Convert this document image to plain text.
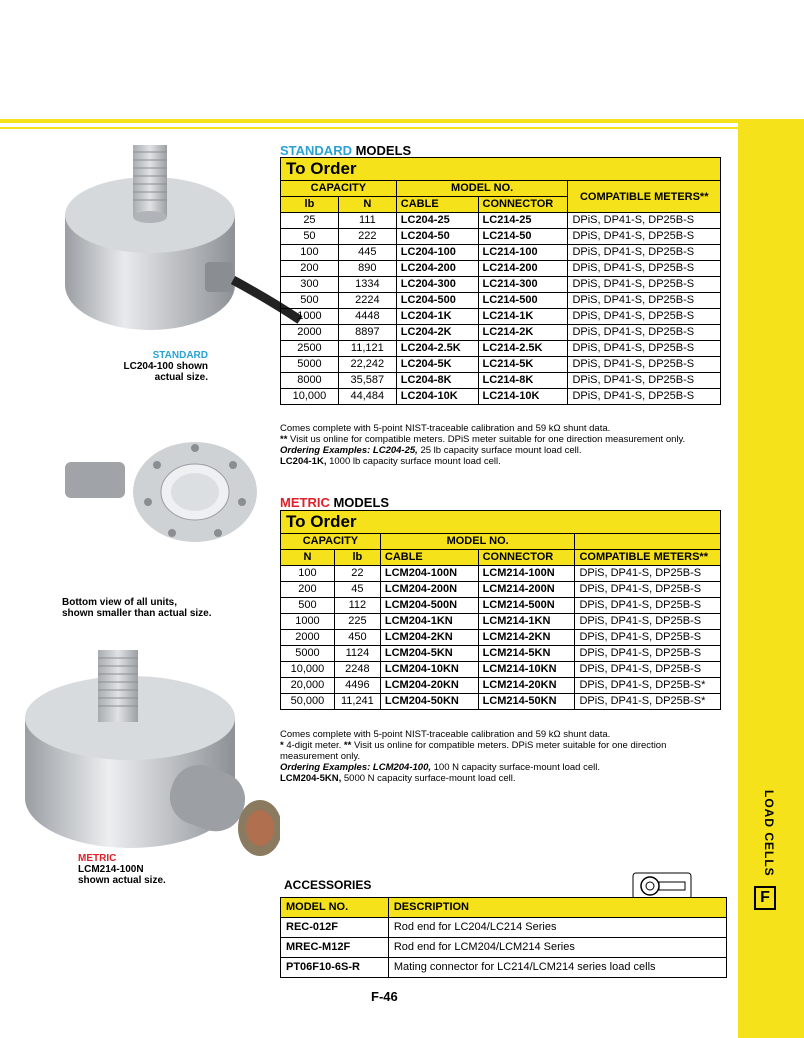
LOAD CELLS
F
STANDARD
LC204-100 shown
actual size.
Bottom view of all units,
shown smaller than actual size.
METRIC
LCM214-100N
shown actual size.
STANDARD MODELS
To Order				
CAPACITY		MODEL NO.		COMPATIBLE METERS**
lb	N	CABLE	CONNECTOR	
25	111	LC204-25	LC214-25	DPiS, DP41-S, DP25B-S
50	222	LC204-50	LC214-50	DPiS, DP41-S, DP25B-S
100	445	LC204-100	LC214-100	DPiS, DP41-S, DP25B-S
200	890	LC204-200	LC214-200	DPiS, DP41-S, DP25B-S
300	1334	LC204-300	LC214-300	DPiS, DP41-S, DP25B-S
500	2224	LC204-500	LC214-500	DPiS, DP41-S, DP25B-S
1000	4448	LC204-1K	LC214-1K	DPiS, DP41-S, DP25B-S
2000	8897	LC204-2K	LC214-2K	DPiS, DP41-S, DP25B-S
2500	11,121	LC204-2.5K	LC214-2.5K	DPiS, DP41-S, DP25B-S
5000	22,242	LC204-5K	LC214-5K	DPiS, DP41-S, DP25B-S
8000	35,587	LC204-8K	LC214-8K	DPiS, DP41-S, DP25B-S
10,000	44,484	LC204-10K	LC214-10K	DPiS, DP41-S, DP25B-S
Comes complete with 5-point NIST-traceable calibration and 59 kΩ shunt data.
** Visit us online for compatible meters. DPiS meter suitable for one direction measurement only.
Ordering Examples: LC204-25, 25 lb capacity surface mount load cell.
LC204-1K, 1000 lb capacity surface mount load cell.
METRIC MODELS
To Order				
CAPACITY		MODEL NO.		
N	lb	CABLE	CONNECTOR	COMPATIBLE METERS**
100	22	LCM204-100N	LCM214-100N	DPiS, DP41-S, DP25B-S
200	45	LCM204-200N	LCM214-200N	DPiS, DP41-S, DP25B-S
500	112	LCM204-500N	LCM214-500N	DPiS, DP41-S, DP25B-S
1000	225	LCM204-1KN	LCM214-1KN	DPiS, DP41-S, DP25B-S
2000	450	LCM204-2KN	LCM214-2KN	DPiS, DP41-S, DP25B-S
5000	1124	LCM204-5KN	LCM214-5KN	DPiS, DP41-S, DP25B-S
10,000	2248	LCM204-10KN	LCM214-10KN	DPiS, DP41-S, DP25B-S
20,000	4496	LCM204-20KN	LCM214-20KN	DPiS, DP41-S, DP25B-S*
50,000	11,241	LCM204-50KN	LCM214-50KN	DPiS, DP41-S, DP25B-S*
Comes complete with 5-point NIST-traceable calibration and 59 kΩ shunt data.
* 4-digit meter. ** Visit us online for compatible meters. DPiS meter suitable for one direction measurement only.
Ordering Examples: LCM204-100, 100 N capacity surface-mount load cell.
LCM204-5KN, 5000 N capacity surface-mount load cell.
ACCESSORIES
MODEL NO.	DESCRIPTION
REC-012F	Rod end for LC204/LC214 Series
MREC-M12F	Rod end for LCM204/LCM214 Series
PT06F10-6S-R	Mating connector for LC214/LCM214 series load cells
F-46
